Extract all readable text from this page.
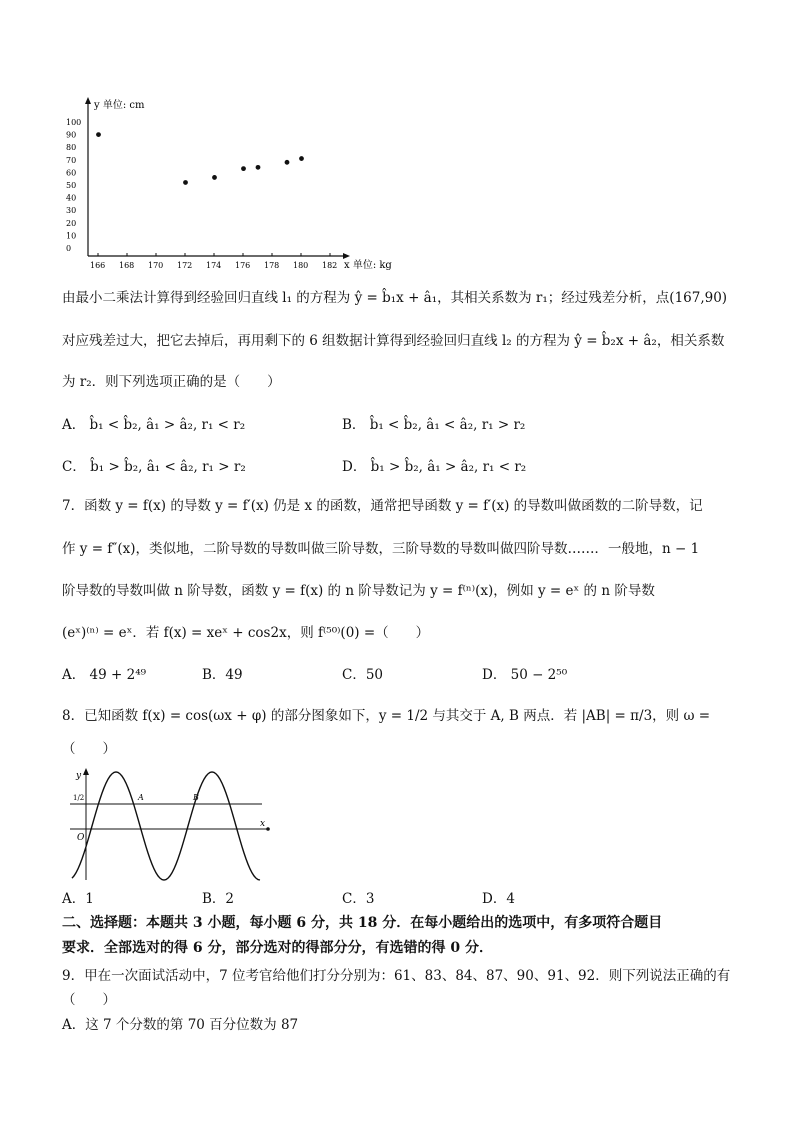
y 单位: cm
x 单位: kg
100
90
80
70
60
50
40
30
20
10
0
166 168 170 172 174 176 178 180 182
由最小二乘法计算得到经验回归直线 l₁ 的方程为 ŷ = b̂₁x + â₁，其相关系数为 r₁；经过残差分析，点(167,90)
对应残差过大，把它去掉后，再用剩下的 6 组数据计算得到经验回归直线 l₂ 的方程为 ŷ = b̂₂x + â₂，相关系数
为 r₂．则下列选项正确的是（　　）
A． b̂₁ < b̂₂, â₁ > â₂, r₁ < r₂	B． b̂₁ < b̂₂, â₁ < â₂, r₁ > r₂
C． b̂₁ > b̂₂, â₁ < â₂, r₁ > r₂	D． b̂₁ > b̂₂, â₁ > â₂, r₁ < r₂
7．函数 y = f(x) 的导数 y = f′(x) 仍是 x 的函数，通常把导函数 y = f′(x) 的导数叫做函数的二阶导数，记
作 y = f″(x)，类似地，二阶导数的导数叫做三阶导数，三阶导数的导数叫做四阶导数……．一般地，n − 1
阶导数的导数叫做 n 阶导数，函数 y = f(x) 的 n 阶导数记为 y = f⁽ⁿ⁾(x)，例如 y = eˣ 的 n 阶导数
(eˣ)⁽ⁿ⁾ = eˣ．若 f(x) = xeˣ + cos2x，则 f⁽⁵⁰⁾(0) =（　　）
A． 49 + 2⁴⁹	B．49	C．50	D． 50 − 2⁵⁰
8．已知函数 f(x) = cos(ωx + φ) 的部分图象如下，y = 1/2 与其交于 A, B 两点．若 |AB| = π/3，则 ω =
（　　）
y
x
O
1/2	A	B
A．1	B．2	C．3	D．4
二、选择题：本题共 3 小题，每小题 6 分，共 18 分．在每小题给出的选项中，有多项符合题目
要求．全部选对的得 6 分，部分选对的得部分分，有选错的得 0 分．
9．甲在一次面试活动中，7 位考官给他们打分分别为：61、83、84、87、90、91、92．则下列说法正确的有
（　　）
A．这 7 个分数的第 70 百分位数为 87
